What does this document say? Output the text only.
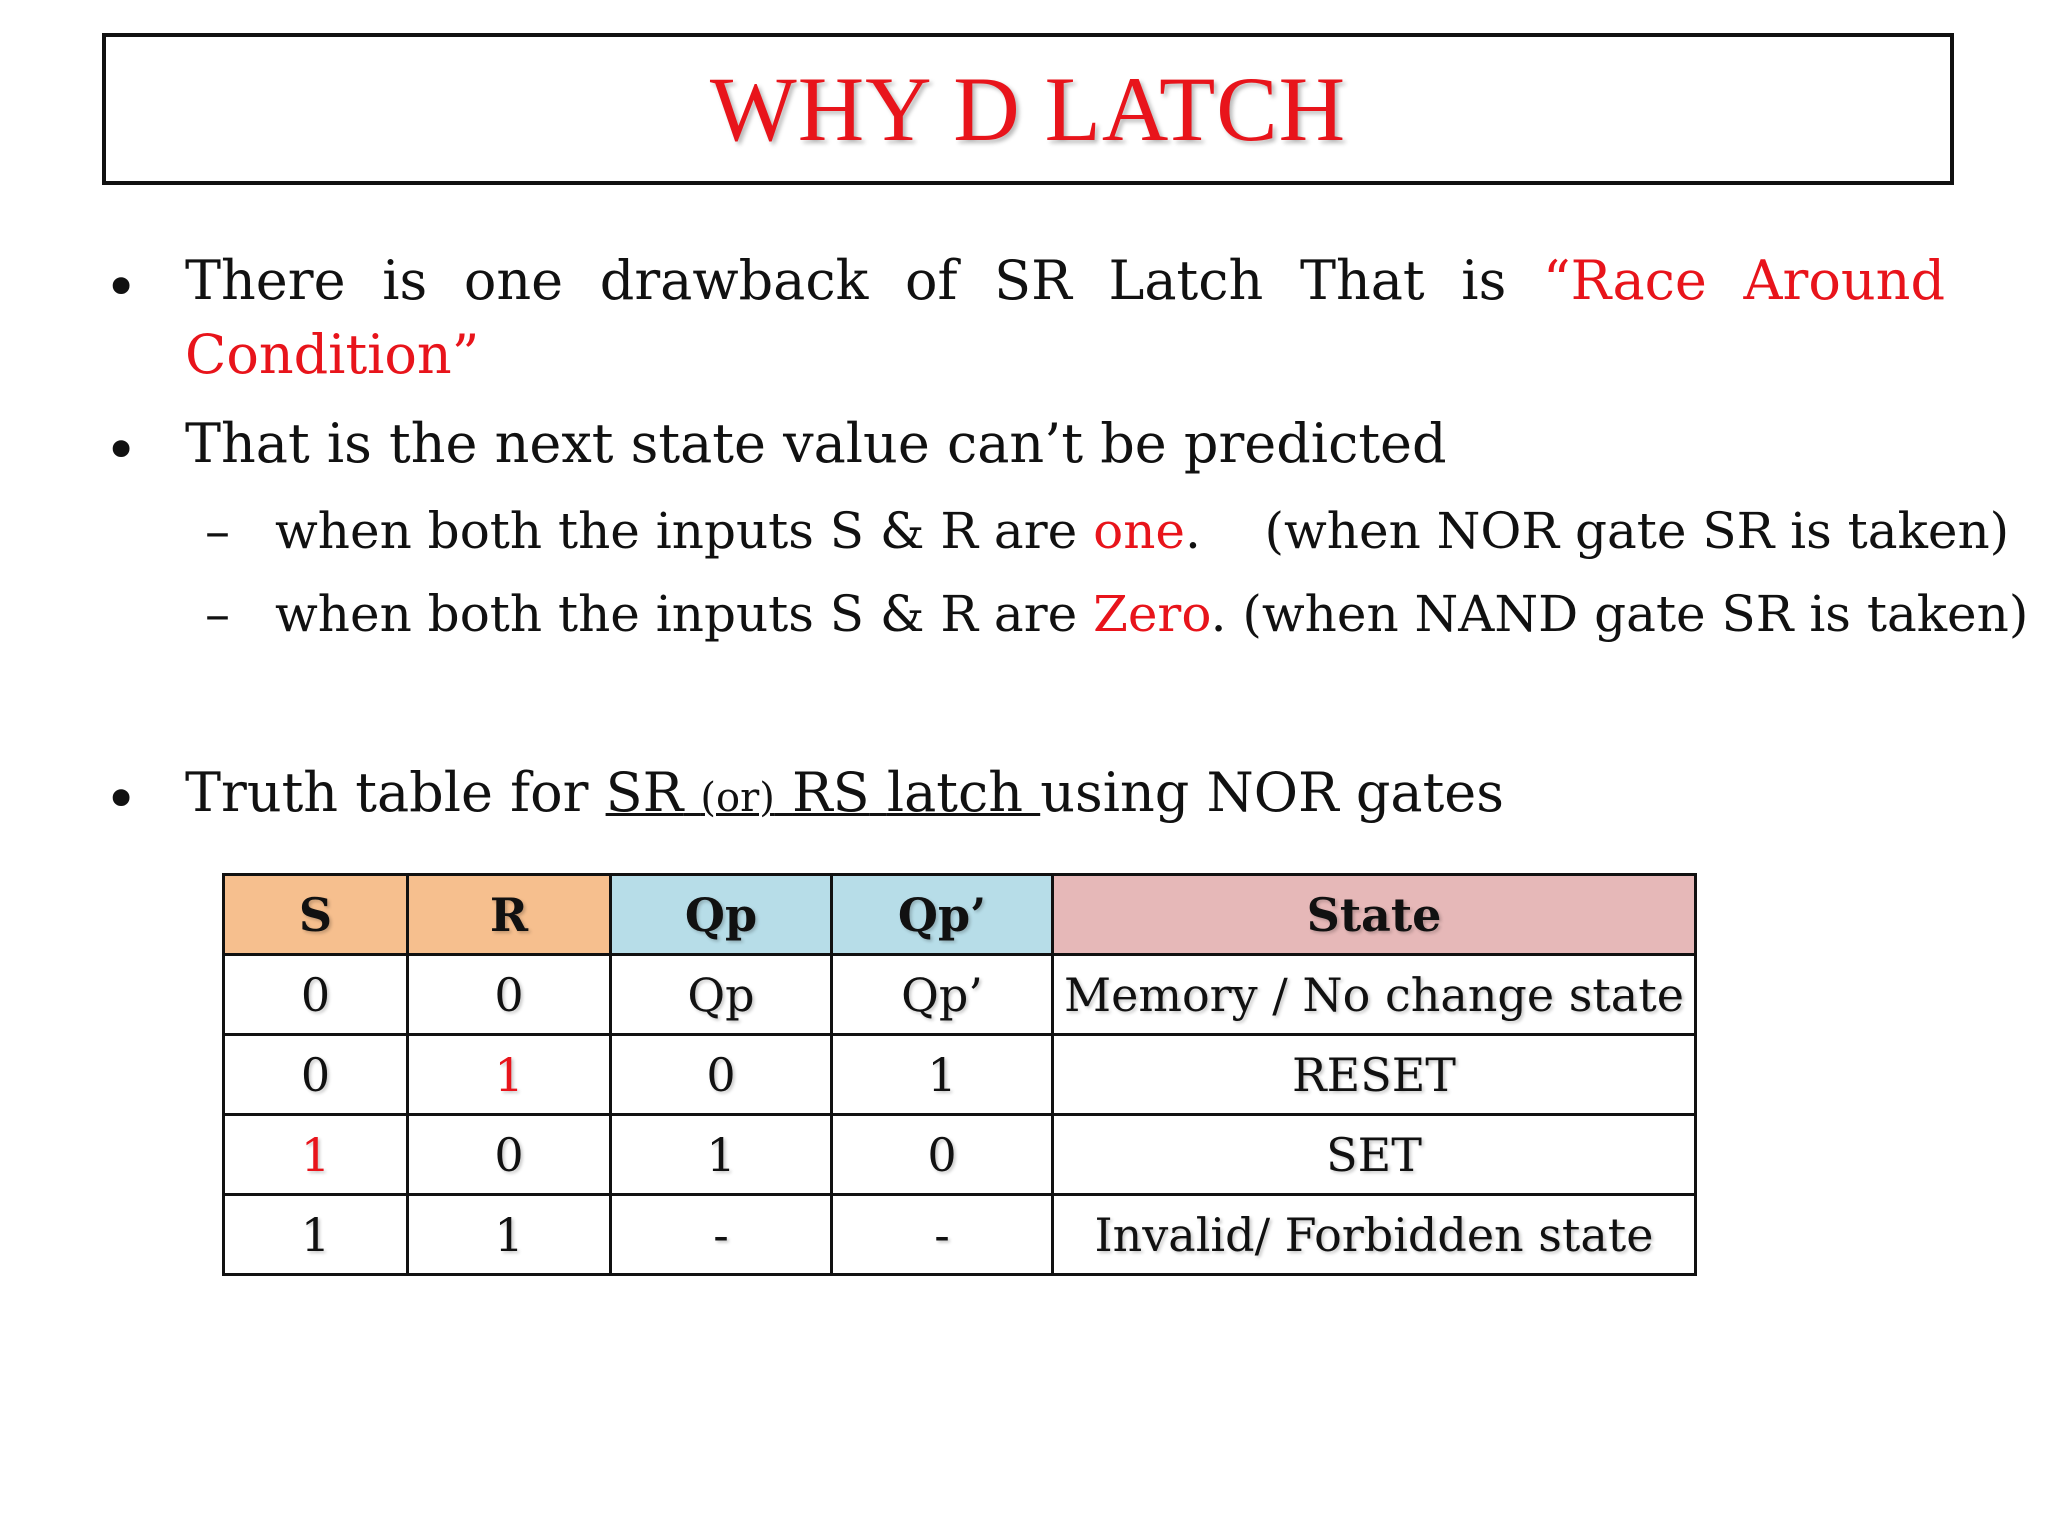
WHY D LATCH
• There is one drawback of SR Latch That is “Race Around Condition”
• That is the next state value can’t be predicted
– when both the inputs S & R are one.    (when NOR gate SR is taken)
– when both the inputs S & R are Zero. (when NAND gate SR is taken)
• Truth table for SR (or) RS latch using NOR gates
S	R	Qp	Qp’	State
0	0	Qp	Qp’	Memory / No change state
0	1	0	1	RESET
1	0	1	0	SET
1	1	-	-	Invalid/ Forbidden state
